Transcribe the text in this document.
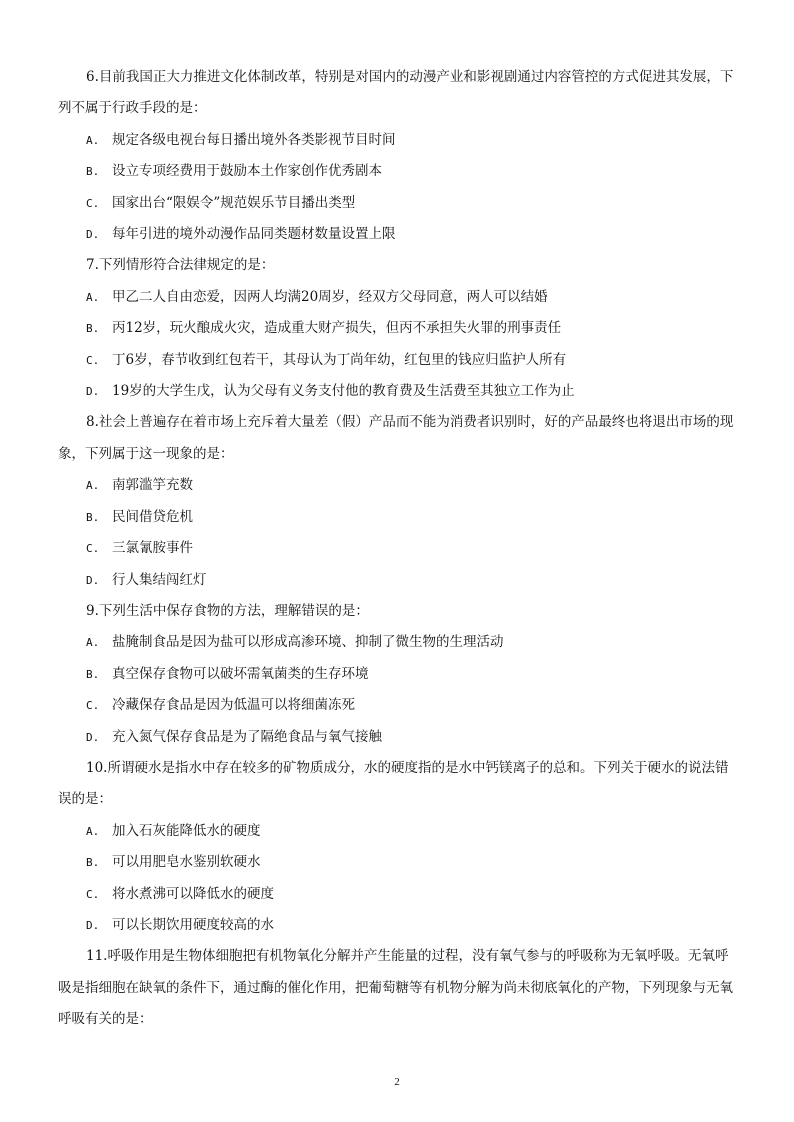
6.目前我国正大力推进文化体制改革，特别是对国内的动漫产业和影视剧通过内容管控的方式促进其发展，下列不属于行政手段的是：

A. 规定各级电视台每日播出境外各类影视节目时间

B. 设立专项经费用于鼓励本土作家创作优秀剧本

C. 国家出台“限娱令”规范娱乐节目播出类型

D. 每年引进的境外动漫作品同类题材数量设置上限

7.下列情形符合法律规定的是：

A. 甲乙二人自由恋爱，因两人均满20周岁，经双方父母同意，两人可以结婚

B. 丙12岁，玩火酿成火灾，造成重大财产损失，但丙不承担失火罪的刑事责任

C. 丁6岁，春节收到红包若干，其母认为丁尚年幼，红包里的钱应归监护人所有

D. 19岁的大学生戊，认为父母有义务支付他的教育费及生活费至其独立工作为止

8.社会上普遍存在着市场上充斥着大量差（假）产品而不能为消费者识别时，好的产品最终也将退出市场的现象，下列属于这一现象的是：

A. 南郭滥竽充数

B. 民间借贷危机

C. 三氯氰胺事件

D. 行人集结闯红灯

9.下列生活中保存食物的方法，理解错误的是：

A. 盐腌制食品是因为盐可以形成高渗环境、抑制了微生物的生理活动

B. 真空保存食物可以破坏需氧菌类的生存环境

C. 冷藏保存食品是因为低温可以将细菌冻死

D. 充入氮气保存食品是为了隔绝食品与氧气接触

10.所谓硬水是指水中存在较多的矿物质成分，水的硬度指的是水中钙镁离子的总和。下列关于硬水的说法错误的是：

A. 加入石灰能降低水的硬度

B. 可以用肥皂水鉴别软硬水

C. 将水煮沸可以降低水的硬度

D. 可以长期饮用硬度较高的水

11.呼吸作用是生物体细胞把有机物氧化分解并产生能量的过程，没有氧气参与的呼吸称为无氧呼吸。无氧呼吸是指细胞在缺氧的条件下，通过酶的催化作用，把葡萄糖等有机物分解为尚未彻底氧化的产物，下列现象与无氧呼吸有关的是：

2
